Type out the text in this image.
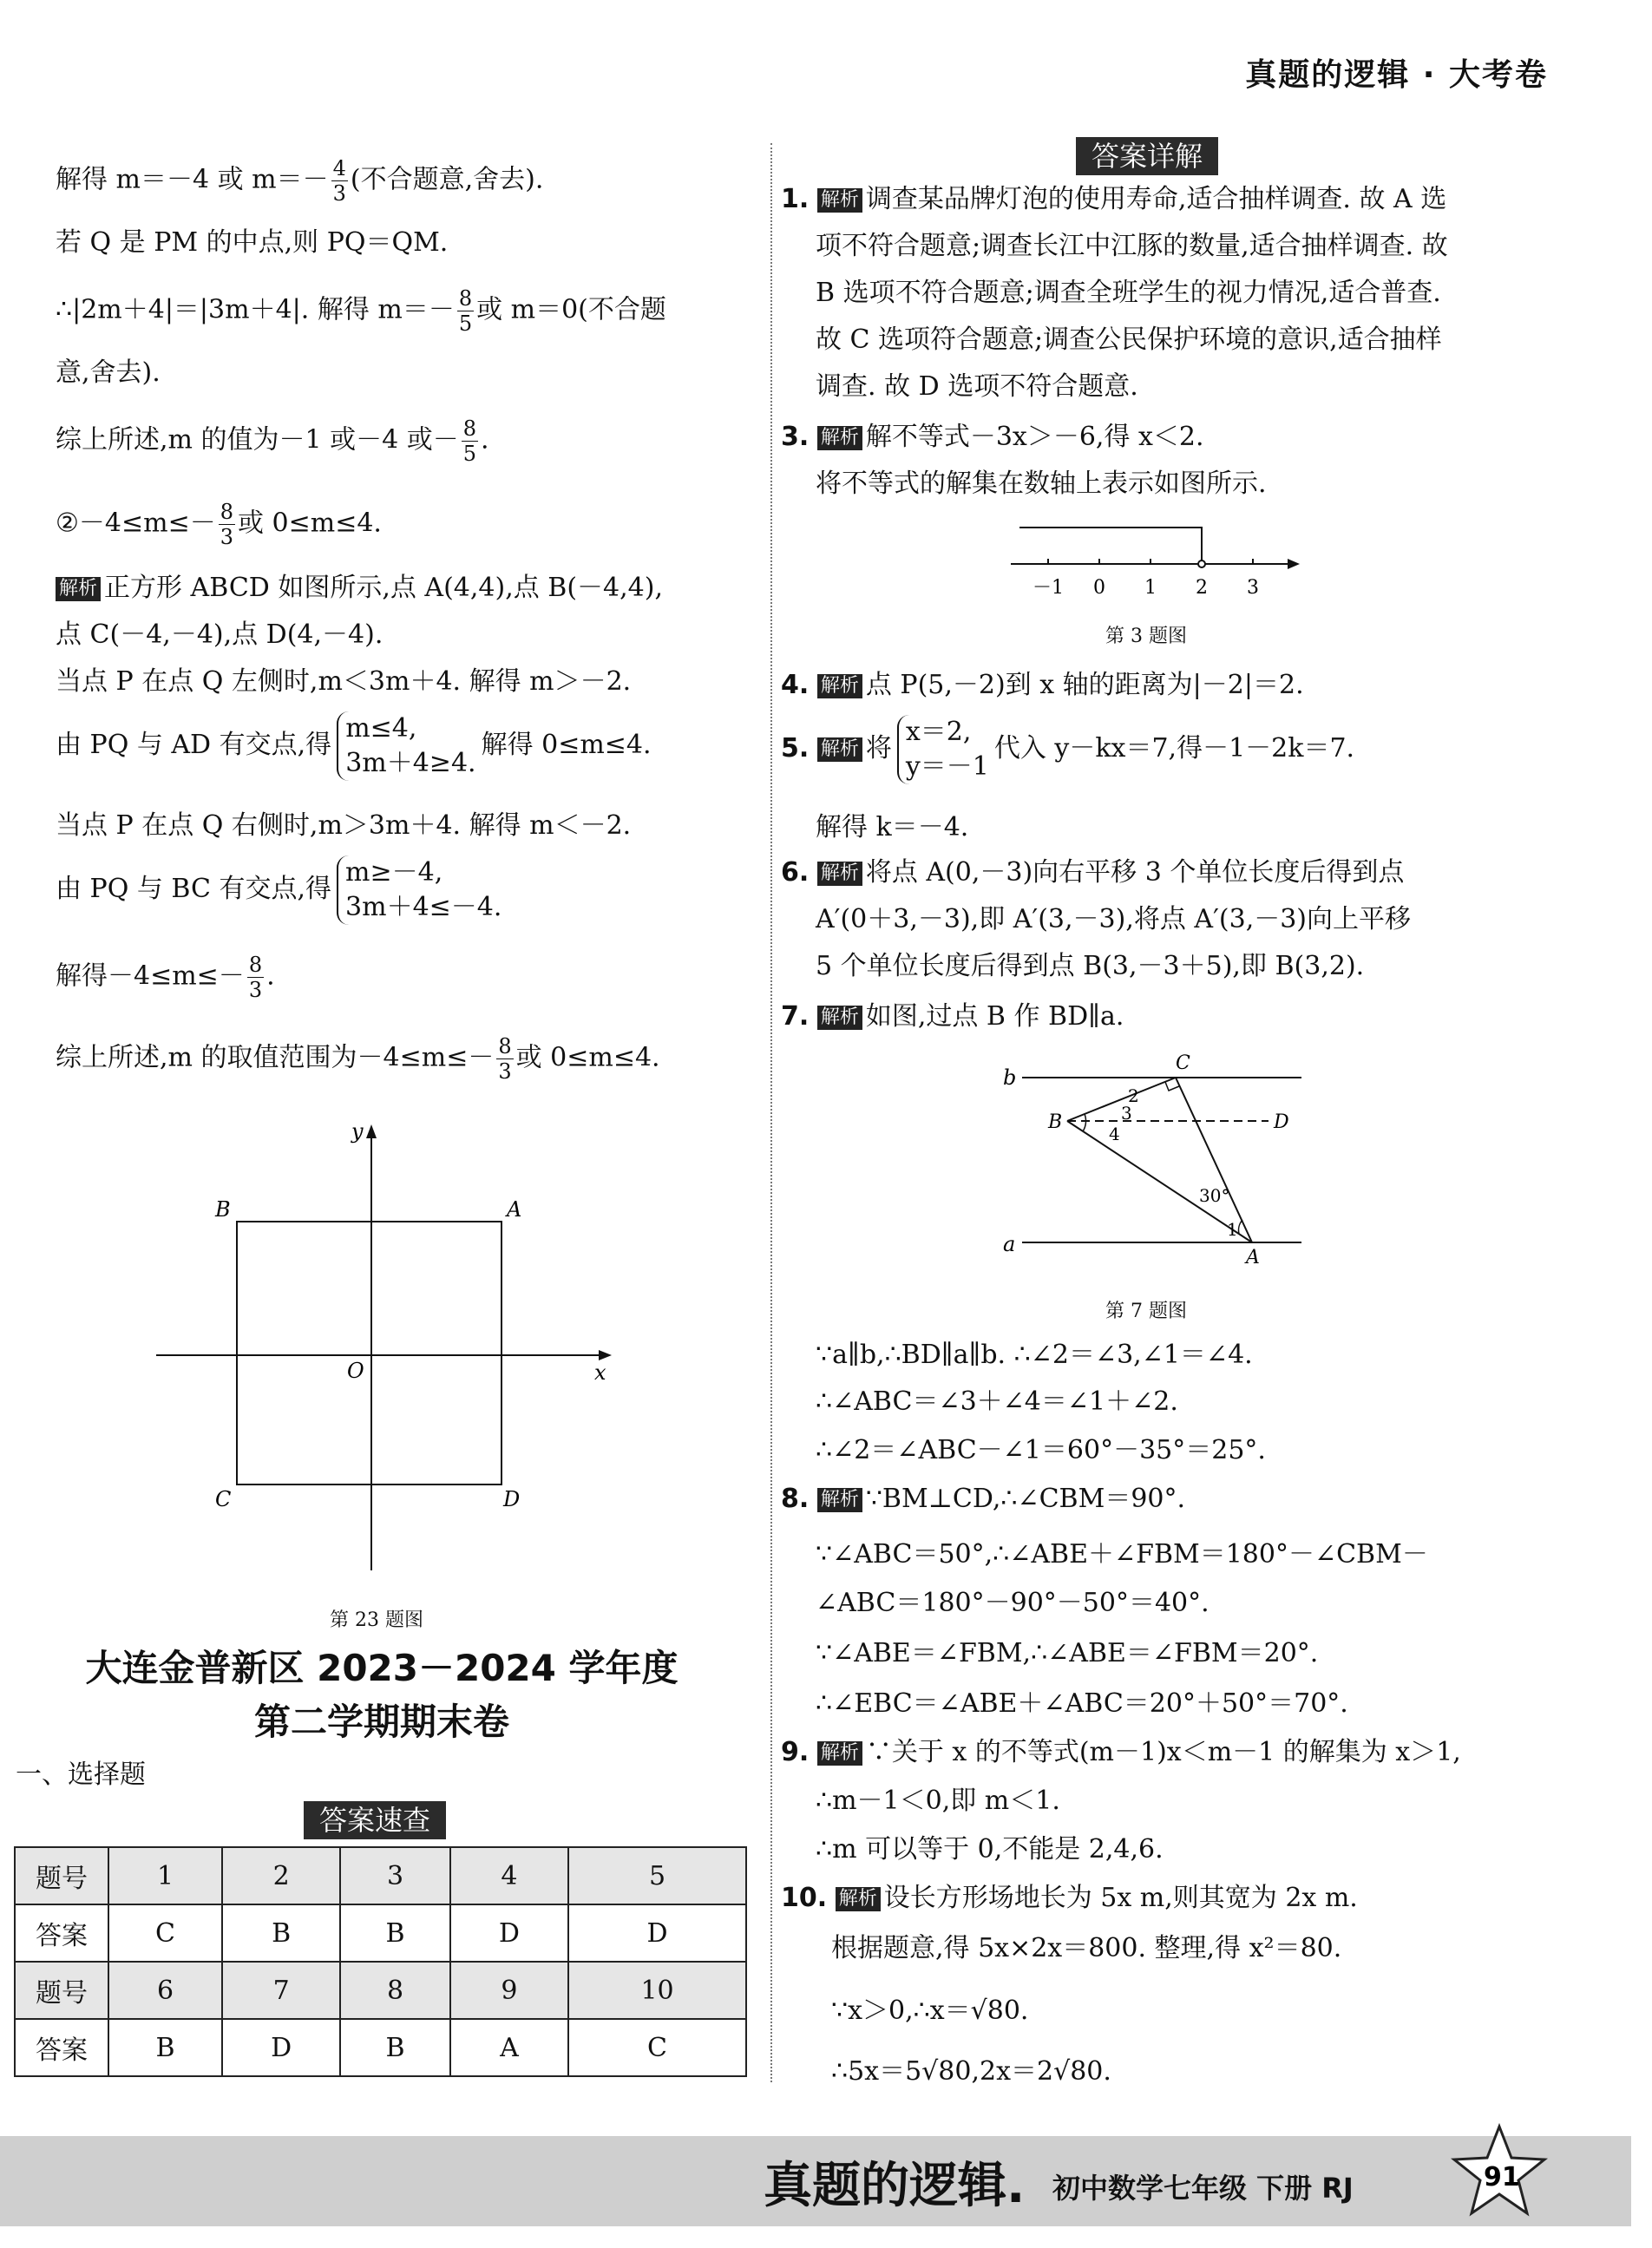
真题的逻辑 · 大考卷

解得 m＝－4 或 $m=- \frac{4}{3}$ (不合题意,舍去).

若 Q 是 PM 的中点,则 PQ＝QM.

∴|2m＋4|＝|3m＋4|. 解得 $m=- \frac{8}{5}$ 或 m＝0(不合题

意,舍去).

综上所述,m 的值为－1 或－4 或－ $\frac{8}{5}$ .

②－4≤m≤－ $\frac{8}{3}$ 或 0≤m≤4.

解析 正方形 ABCD 如图所示,点 A(4,4),点 B(－4,4),

点 C(－4,－4),点 D(4,－4).

当点 P 在点 Q 左侧时,m＜3m＋4. 解得 m＞－2.

由 PQ 与 AD 有交点,得
m≤4,
3m＋4≥4.
解得 0≤m≤4.

当点 P 在点 Q 右侧时,m＞3m＋4. 解得 m＜－2.

由 PQ 与 BC 有交点,得
m≥－4,
3m＋4≤－4.

解得$-4\le m\le- \frac{8}{3}$ .

综上所述,m 的取值范围为$-4\le m\le- \frac{8}{3}$ 或 0≤m≤4.

y
x
O
B	A
C	D
第 23 题图
大连金普新区 2023－2024 学年度
第二学期期末卷
一、选择题
答案速查
题号	1	2	3	4	5
答案	C	B	B	D	D
题号	6	7	8	9	10
答案	B	D	B	A	C
答案详解

1. 解析 调查某品牌灯泡的使用寿命,适合抽样调查. 故 A 选

项不符合题意;调查长江中江豚的数量,适合抽样调查. 故

B 选项不符合题意;调查全班学生的视力情况,适合普查.

故 C 选项符合题意;调查公民保护环境的意识,适合抽样

调查. 故 D 选项不符合题意.

3. 解析 解不等式－3x＞－6,得 x＜2.

将不等式的解集在数轴上表示如图所示.

－1 0 1 2 3
第 3 题图

4. 解析 点 P(5,－2)到 x 轴的距离为|－2|＝2.

5. 解析 将
x＝2,
y＝－1
代入 y－kx＝7,得－1－2k＝7.

解得 k＝－4.

6. 解析 将点 A(0,－3)向右平移 3 个单位长度后得到点

A′(0＋3,－3),即 A′(3,－3),将点 A′(3,－3)向上平移

5 个单位长度后得到点 B(3,－3＋5),即 B(3,2).

7. 解析 如图,过点 B 作 BD∥a.

b
a
B
C
D
A
2
3
4
1
30°
第 7 题图

∵a∥b,∴BD∥a∥b. ∴∠2＝∠3,∠1＝∠4.

∴∠ABC＝∠3＋∠4＝∠1＋∠2.

∴∠2＝∠ABC－∠1＝60°－35°＝25°.

8. 解析 ∵BM⊥CD,∴∠CBM＝90°.

∵∠ABC＝50°,∴∠ABE＋∠FBM＝180°－∠CBM－

∠ABC＝180°－90°－50°＝40°.

∵∠ABE＝∠FBM,∴∠ABE＝∠FBM＝20°.

∴∠EBC＝∠ABE＋∠ABC＝20°＋50°＝70°.

9. 解析 ∵关于 x 的不等式(m－1)x＜m－1 的解集为 x＞1,

∴m－1＜0,即 m＜1.

∴m 可以等于 0,不能是 2,4,6.

10. 解析 设长方形场地长为 5x m,则其宽为 2x m.

根据题意,得 5x×2x＝800. 整理,得 x²＝80.

∵x＞0,∴x＝√80.

∴5x＝5√80,2x＝2√80.

真题的逻辑. 初中数学七年级 下册 RJ	91
